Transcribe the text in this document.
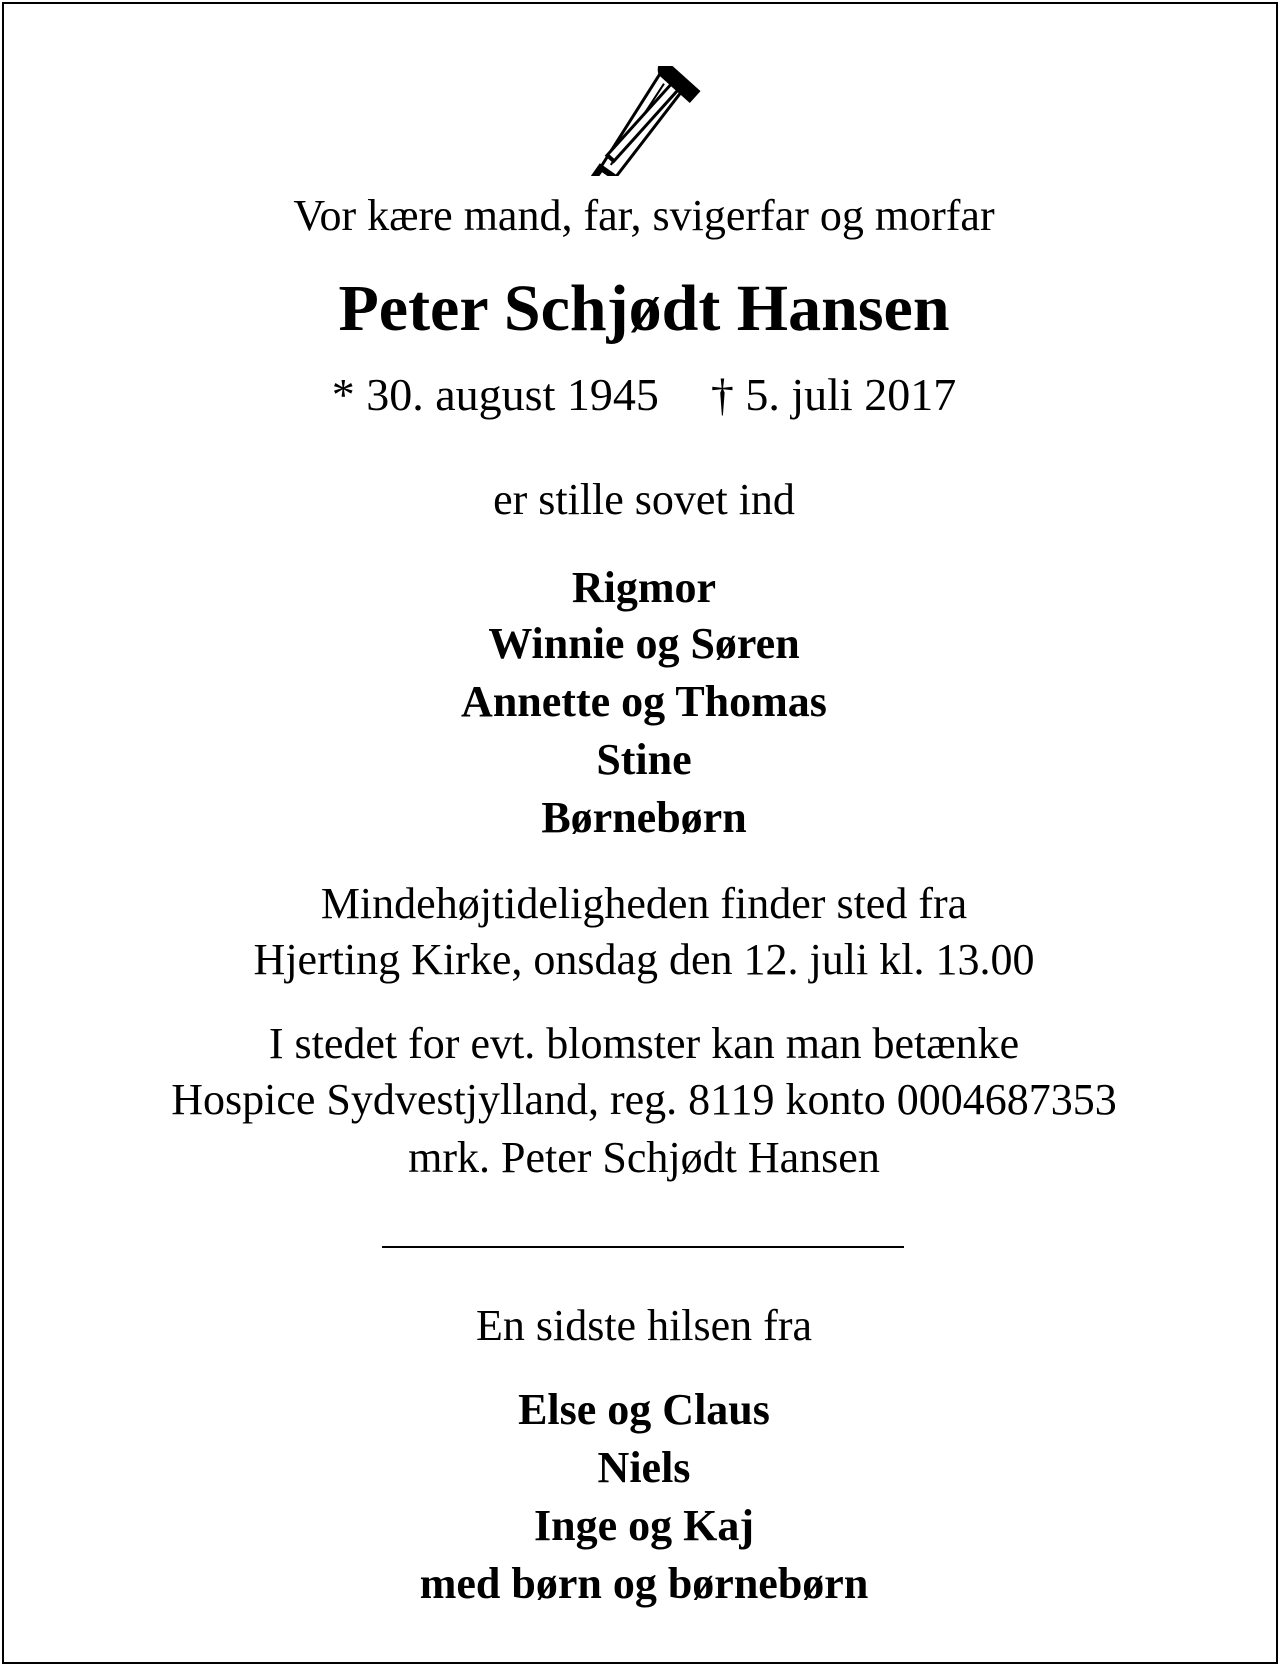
Vor kære mand, far, svigerfar og morfar
Peter Schjødt Hansen
* 30. august 1945 † 5. juli 2017
er stille sovet ind
Rigmor
Winnie og Søren
Annette og Thomas
Stine
Børnebørn
Mindehøjtideligheden finder sted fra
Hjerting Kirke, onsdag den 12. juli kl. 13.00
I stedet for evt. blomster kan man betænke
Hospice Sydvestjylland, reg. 8119 konto 0004687353
mrk. Peter Schjødt Hansen
En sidste hilsen fra
Else og Claus
Niels
Inge og Kaj
med børn og børnebørn
